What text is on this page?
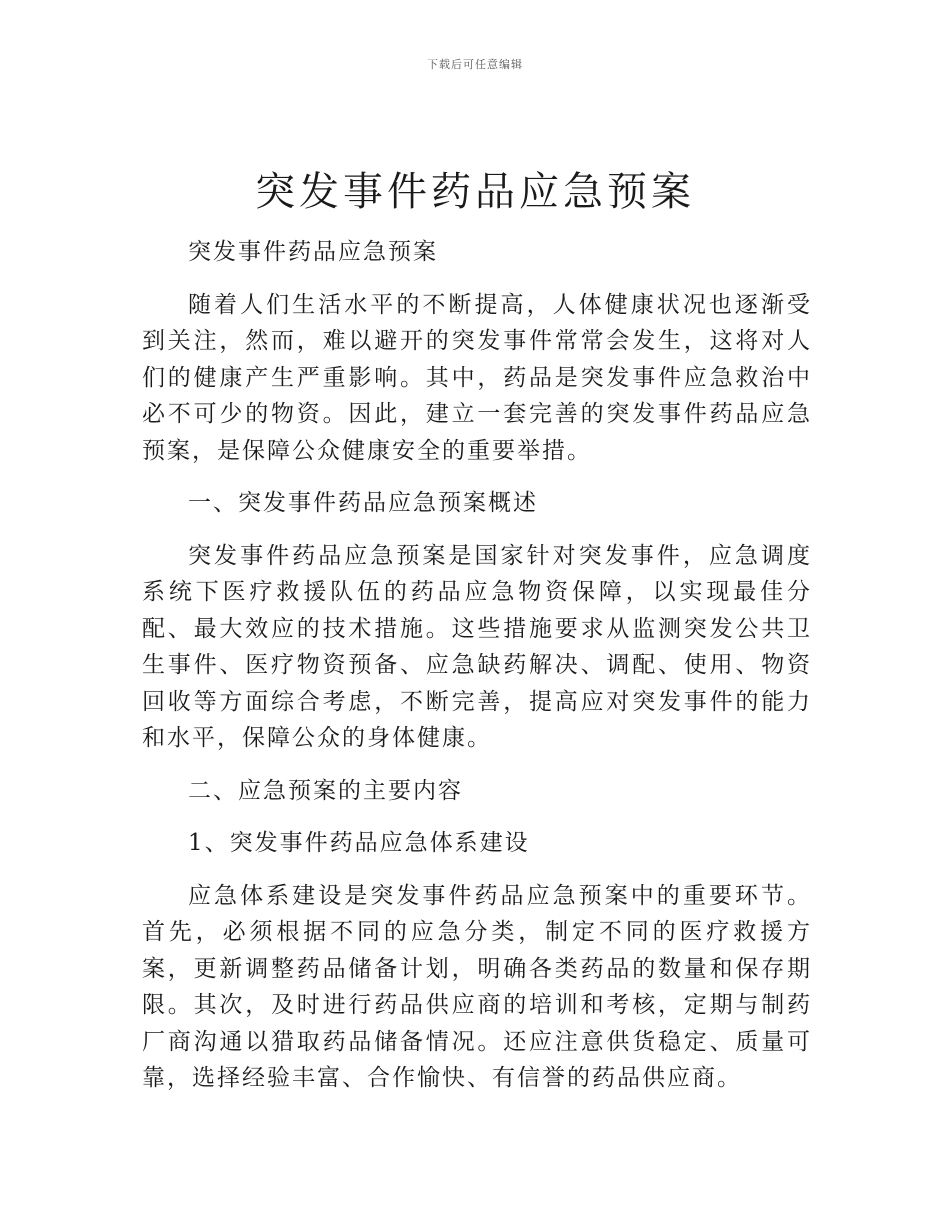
下载后可任意编辑
突发事件药品应急预案

突发事件药品应急预案

随着人们生活水平的不断提高，人体健康状况也逐渐受到关注，然而，难以避开的突发事件常常会发生，这将对人们的健康产生严重影响。其中，药品是突发事件应急救治中必不可少的物资。因此，建立一套完善的突发事件药品应急预案，是保障公众健康安全的重要举措。

一、突发事件药品应急预案概述

突发事件药品应急预案是国家针对突发事件，应急调度系统下医疗救援队伍的药品应急物资保障，以实现最佳分配、最大效应的技术措施。这些措施要求从监测突发公共卫生事件、医疗物资预备、应急缺药解决、调配、使用、物资回收等方面综合考虑，不断完善，提高应对突发事件的能力和水平，保障公众的身体健康。

二、应急预案的主要内容

1、突发事件药品应急体系建设

应急体系建设是突发事件药品应急预案中的重要环节。首先，必须根据不同的应急分类，制定不同的医疗救援方案，更新调整药品储备计划，明确各类药品的数量和保存期限。其次，及时进行药品供应商的培训和考核，定期与制药厂商沟通以猎取药品储备情况。还应注意供货稳定、质量可靠，选择经验丰富、合作愉快、有信誉的药品供应商。
